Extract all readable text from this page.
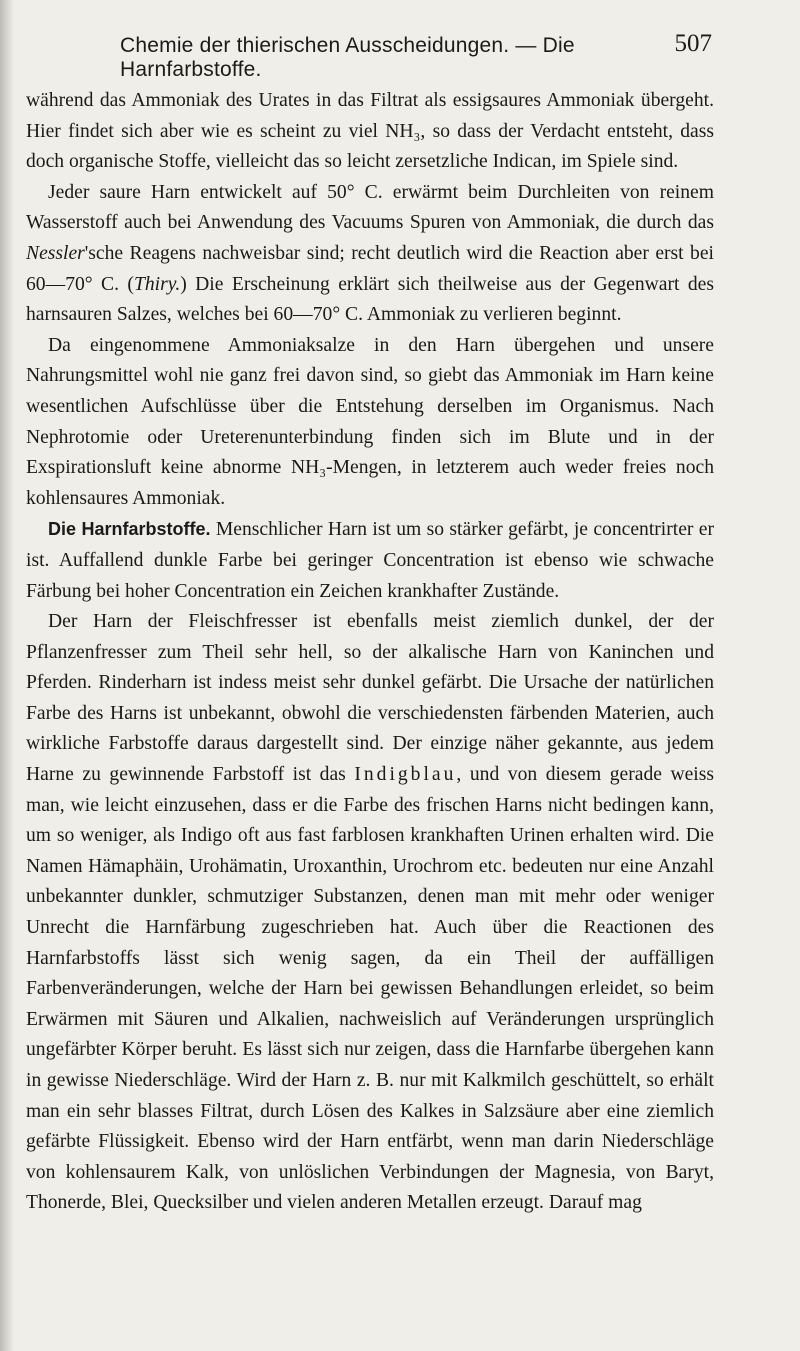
Chemie der thierischen Ausscheidungen. — Die Harnfarbstoffe.
507

während das Ammoniak des Urates in das Filtrat als essigsaures Ammoniak übergeht. Hier findet sich aber wie es scheint zu viel NH₃, so dass der Verdacht entsteht, dass doch organische Stoffe, vielleicht das so leicht zersetzliche Indican, im Spiele sind.

Jeder saure Harn entwickelt auf 50° C. erwärmt beim Durchleiten von reinem Wasserstoff auch bei Anwendung des Vacuums Spuren von Ammoniak, die durch das Nessler'sche Reagens nachweisbar sind; recht deutlich wird die Reaction aber erst bei 60—70° C. (Thiry.) Die Erscheinung erklärt sich theilweise aus der Gegenwart des harnsauren Salzes, welches bei 60—70° C. Ammoniak zu verlieren beginnt.

Da eingenommene Ammoniaksalze in den Harn übergehen und unsere Nahrungsmittel wohl nie ganz frei davon sind, so giebt das Ammoniak im Harn keine wesentlichen Aufschlüsse über die Entstehung derselben im Organismus. Nach Nephrotomie oder Ureterenunterbindung finden sich im Blute und in der Exspirationsluft keine abnorme NH₃-Mengen, in letzterem auch weder freies noch kohlensaures Ammoniak.

Die Harnfarbstoffe. Menschlicher Harn ist um so stärker gefärbt, je concentrirter er ist. Auffallend dunkle Farbe bei geringer Concentration ist ebenso wie schwache Färbung bei hoher Concentration ein Zeichen krankhafter Zustände.

Der Harn der Fleischfresser ist ebenfalls meist ziemlich dunkel, der der Pflanzenfresser zum Theil sehr hell, so der alkalische Harn von Kaninchen und Pferden. Rinderharn ist indess meist sehr dunkel gefärbt. Die Ursache der natürlichen Farbe des Harns ist unbekannt, obwohl die verschiedensten färbenden Materien, auch wirkliche Farbstoffe daraus dargestellt sind. Der einzige näher gekannte, aus jedem Harne zu gewinnende Farbstoff ist das Indigblau, und von diesem gerade weiss man, wie leicht einzusehen, dass er die Farbe des frischen Harns nicht bedingen kann, um so weniger, als Indigo oft aus fast farblosen krankhaften Urinen erhalten wird. Die Namen Hämaphäin, Urohämatin, Uroxanthin, Urochrom etc. bedeuten nur eine Anzahl unbekannter dunkler, schmutziger Substanzen, denen man mit mehr oder weniger Unrecht die Harnfärbung zugeschrieben hat. Auch über die Reactionen des Harnfarbstoffs lässt sich wenig sagen, da ein Theil der auffälligen Farbenveränderungen, welche der Harn bei gewissen Behandlungen erleidet, so beim Erwärmen mit Säuren und Alkalien, nachweislich auf Veränderungen ursprünglich ungefärbter Körper beruht. Es lässt sich nur zeigen, dass die Harnfarbe übergehen kann in gewisse Niederschläge. Wird der Harn z. B. nur mit Kalkmilch geschüttelt, so erhält man ein sehr blasses Filtrat, durch Lösen des Kalkes in Salzsäure aber eine ziemlich gefärbte Flüssigkeit. Ebenso wird der Harn entfärbt, wenn man darin Niederschläge von kohlensaurem Kalk, von unlöslichen Verbindungen der Magnesia, von Baryt, Thonerde, Blei, Quecksilber und vielen anderen Metallen erzeugt. Darauf mag
